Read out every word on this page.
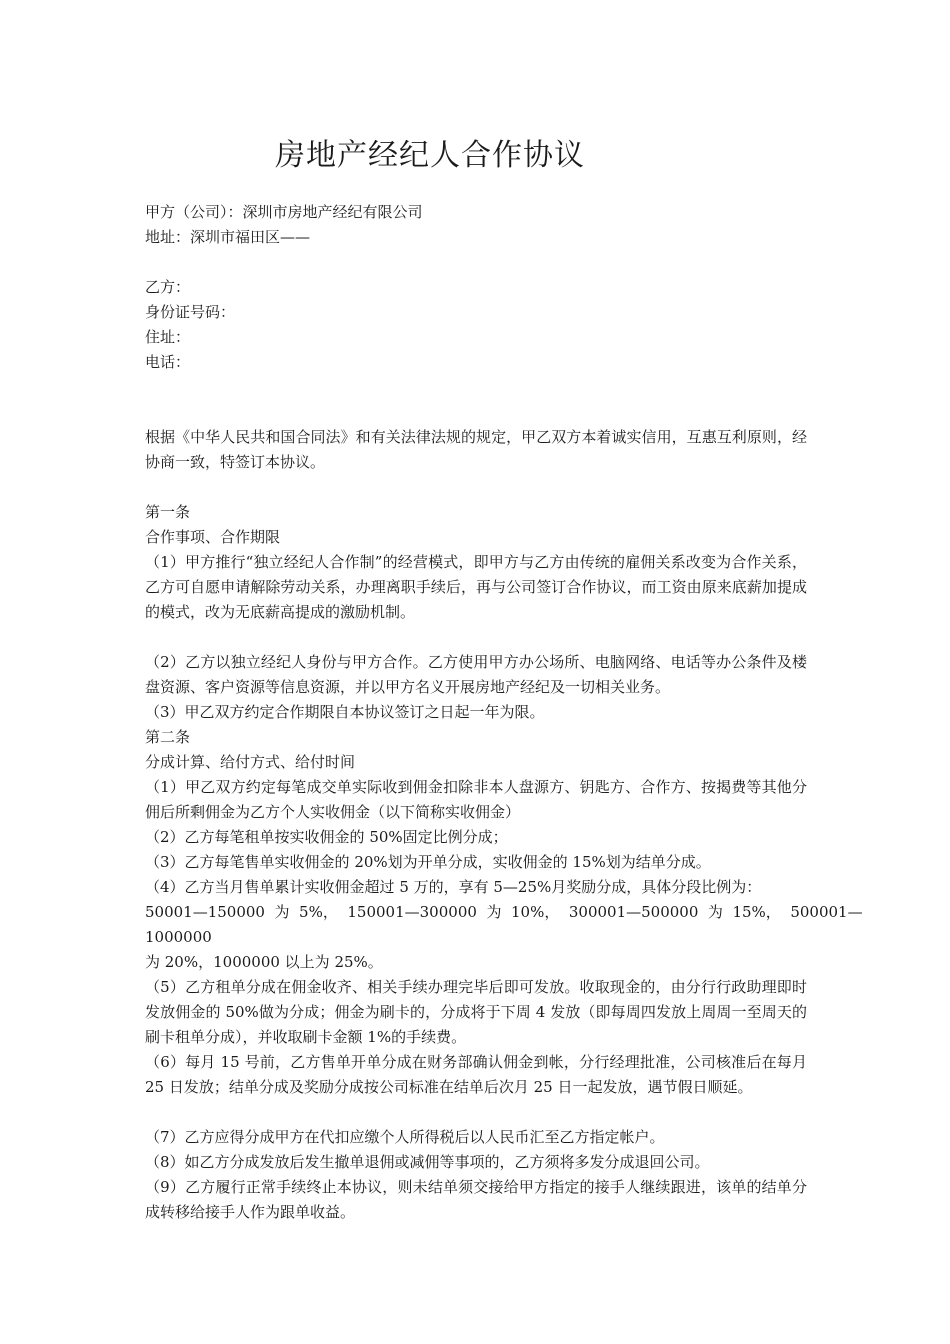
房地产经纪人合作协议
甲方（公司）：深圳市房地产经纪有限公司
地址：深圳市福田区——
乙方：
身份证号码：
住址：
电话：
根据《中华人民共和国合同法》和有关法律法规的规定，甲乙双方本着诚实信用，互惠互利原则，经协商一致，特签订本协议。
第一条
合作事项、合作期限
（1）甲方推行“独立经纪人合作制”的经营模式，即甲方与乙方由传统的雇佣关系改变为合作关系，乙方可自愿申请解除劳动关系，办理离职手续后，再与公司签订合作协议，而工资由原来底薪加提成的模式，改为无底薪高提成的激励机制。
（2）乙方以独立经纪人身份与甲方合作。乙方使用甲方办公场所、电脑网络、电话等办公条件及楼盘资源、客户资源等信息资源，并以甲方名义开展房地产经纪及一切相关业务。
（3）甲乙双方约定合作期限自本协议签订之日起一年为限。
第二条
分成计算、给付方式、给付时间
（1）甲乙双方约定每笔成交单实际收到佣金扣除非本人盘源方、钥匙方、合作方、按揭费等其他分佣后所剩佣金为乙方个人实收佣金（以下简称实收佣金）
（2）乙方每笔租单按实收佣金的 50%固定比例分成；
（3）乙方每笔售单实收佣金的 20%划为开单分成，实收佣金的 15%划为结单分成。
（4）乙方当月售单累计实收佣金超过 5 万的，享有 5—25%月奖励分成，具体分段比例为：
50001—150000  为  5%，  150001—300000  为  10%，  300001—500000  为  15%，  500001—
1000000
为 20%，1000000 以上为 25%。
（5）乙方租单分成在佣金收齐、相关手续办理完毕后即可发放。收取现金的，由分行行政助理即时发放佣金的 50%做为分成；佣金为刷卡的，分成将于下周 4 发放（即每周四发放上周周一至周天的刷卡租单分成），并收取刷卡金额 1%的手续费。
（6）每月 15 号前，乙方售单开单分成在财务部确认佣金到帐，分行经理批准，公司核准后在每月 25 日发放；结单分成及奖励分成按公司标准在结单后次月 25 日一起发放，遇节假日顺延。
（7）乙方应得分成甲方在代扣应缴个人所得税后以人民币汇至乙方指定帐户。
（8）如乙方分成发放后发生撤单退佣或减佣等事项的，乙方须将多发分成退回公司。
（9）乙方履行正常手续终止本协议，则未结单须交接给甲方指定的接手人继续跟进，该单的结单分成转移给接手人作为跟单收益。
